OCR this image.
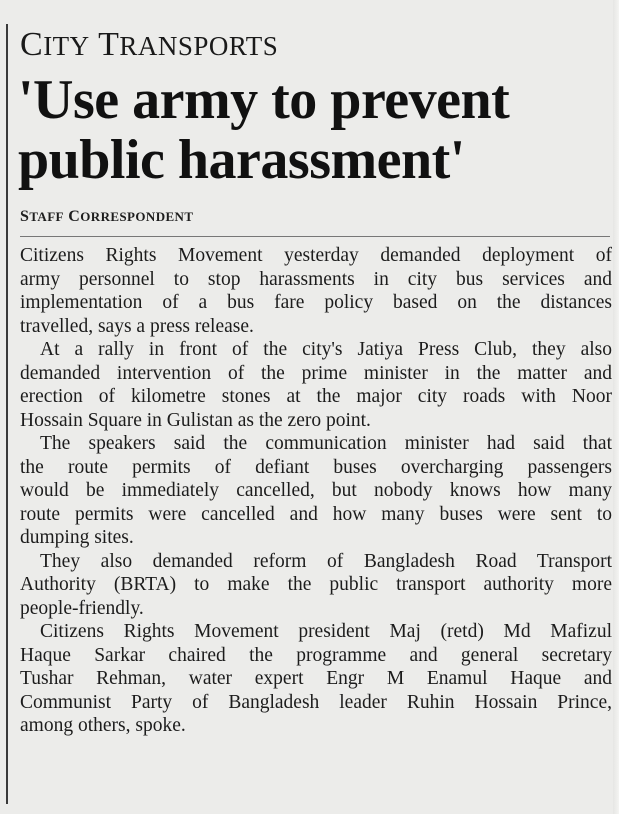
CITY TRANSPORTS
'Use army to prevent
public harassment'
STAFF CORRESPONDENT
Citizens Rights Movement yesterday demanded deployment of
army personnel to stop harassments in city bus services and
implementation of a bus fare policy based on the distances
travelled, says a press release.
At a rally in front of the city's Jatiya Press Club, they also
demanded intervention of the prime minister in the matter and
erection of kilometre stones at the major city roads with Noor
Hossain Square in Gulistan as the zero point.
The speakers said the communication minister had said that
the route permits of defiant buses overcharging passengers
would be immediately cancelled, but nobody knows how many
route permits were cancelled and how many buses were sent to
dumping sites.
They also demanded reform of Bangladesh Road Transport
Authority (BRTA) to make the public transport authority more
people-friendly.
Citizens Rights Movement president Maj (retd) Md Mafizul
Haque Sarkar chaired the programme and general secretary
Tushar Rehman, water expert Engr M Enamul Haque and
Communist Party of Bangladesh leader Ruhin Hossain Prince,
among others, spoke.
